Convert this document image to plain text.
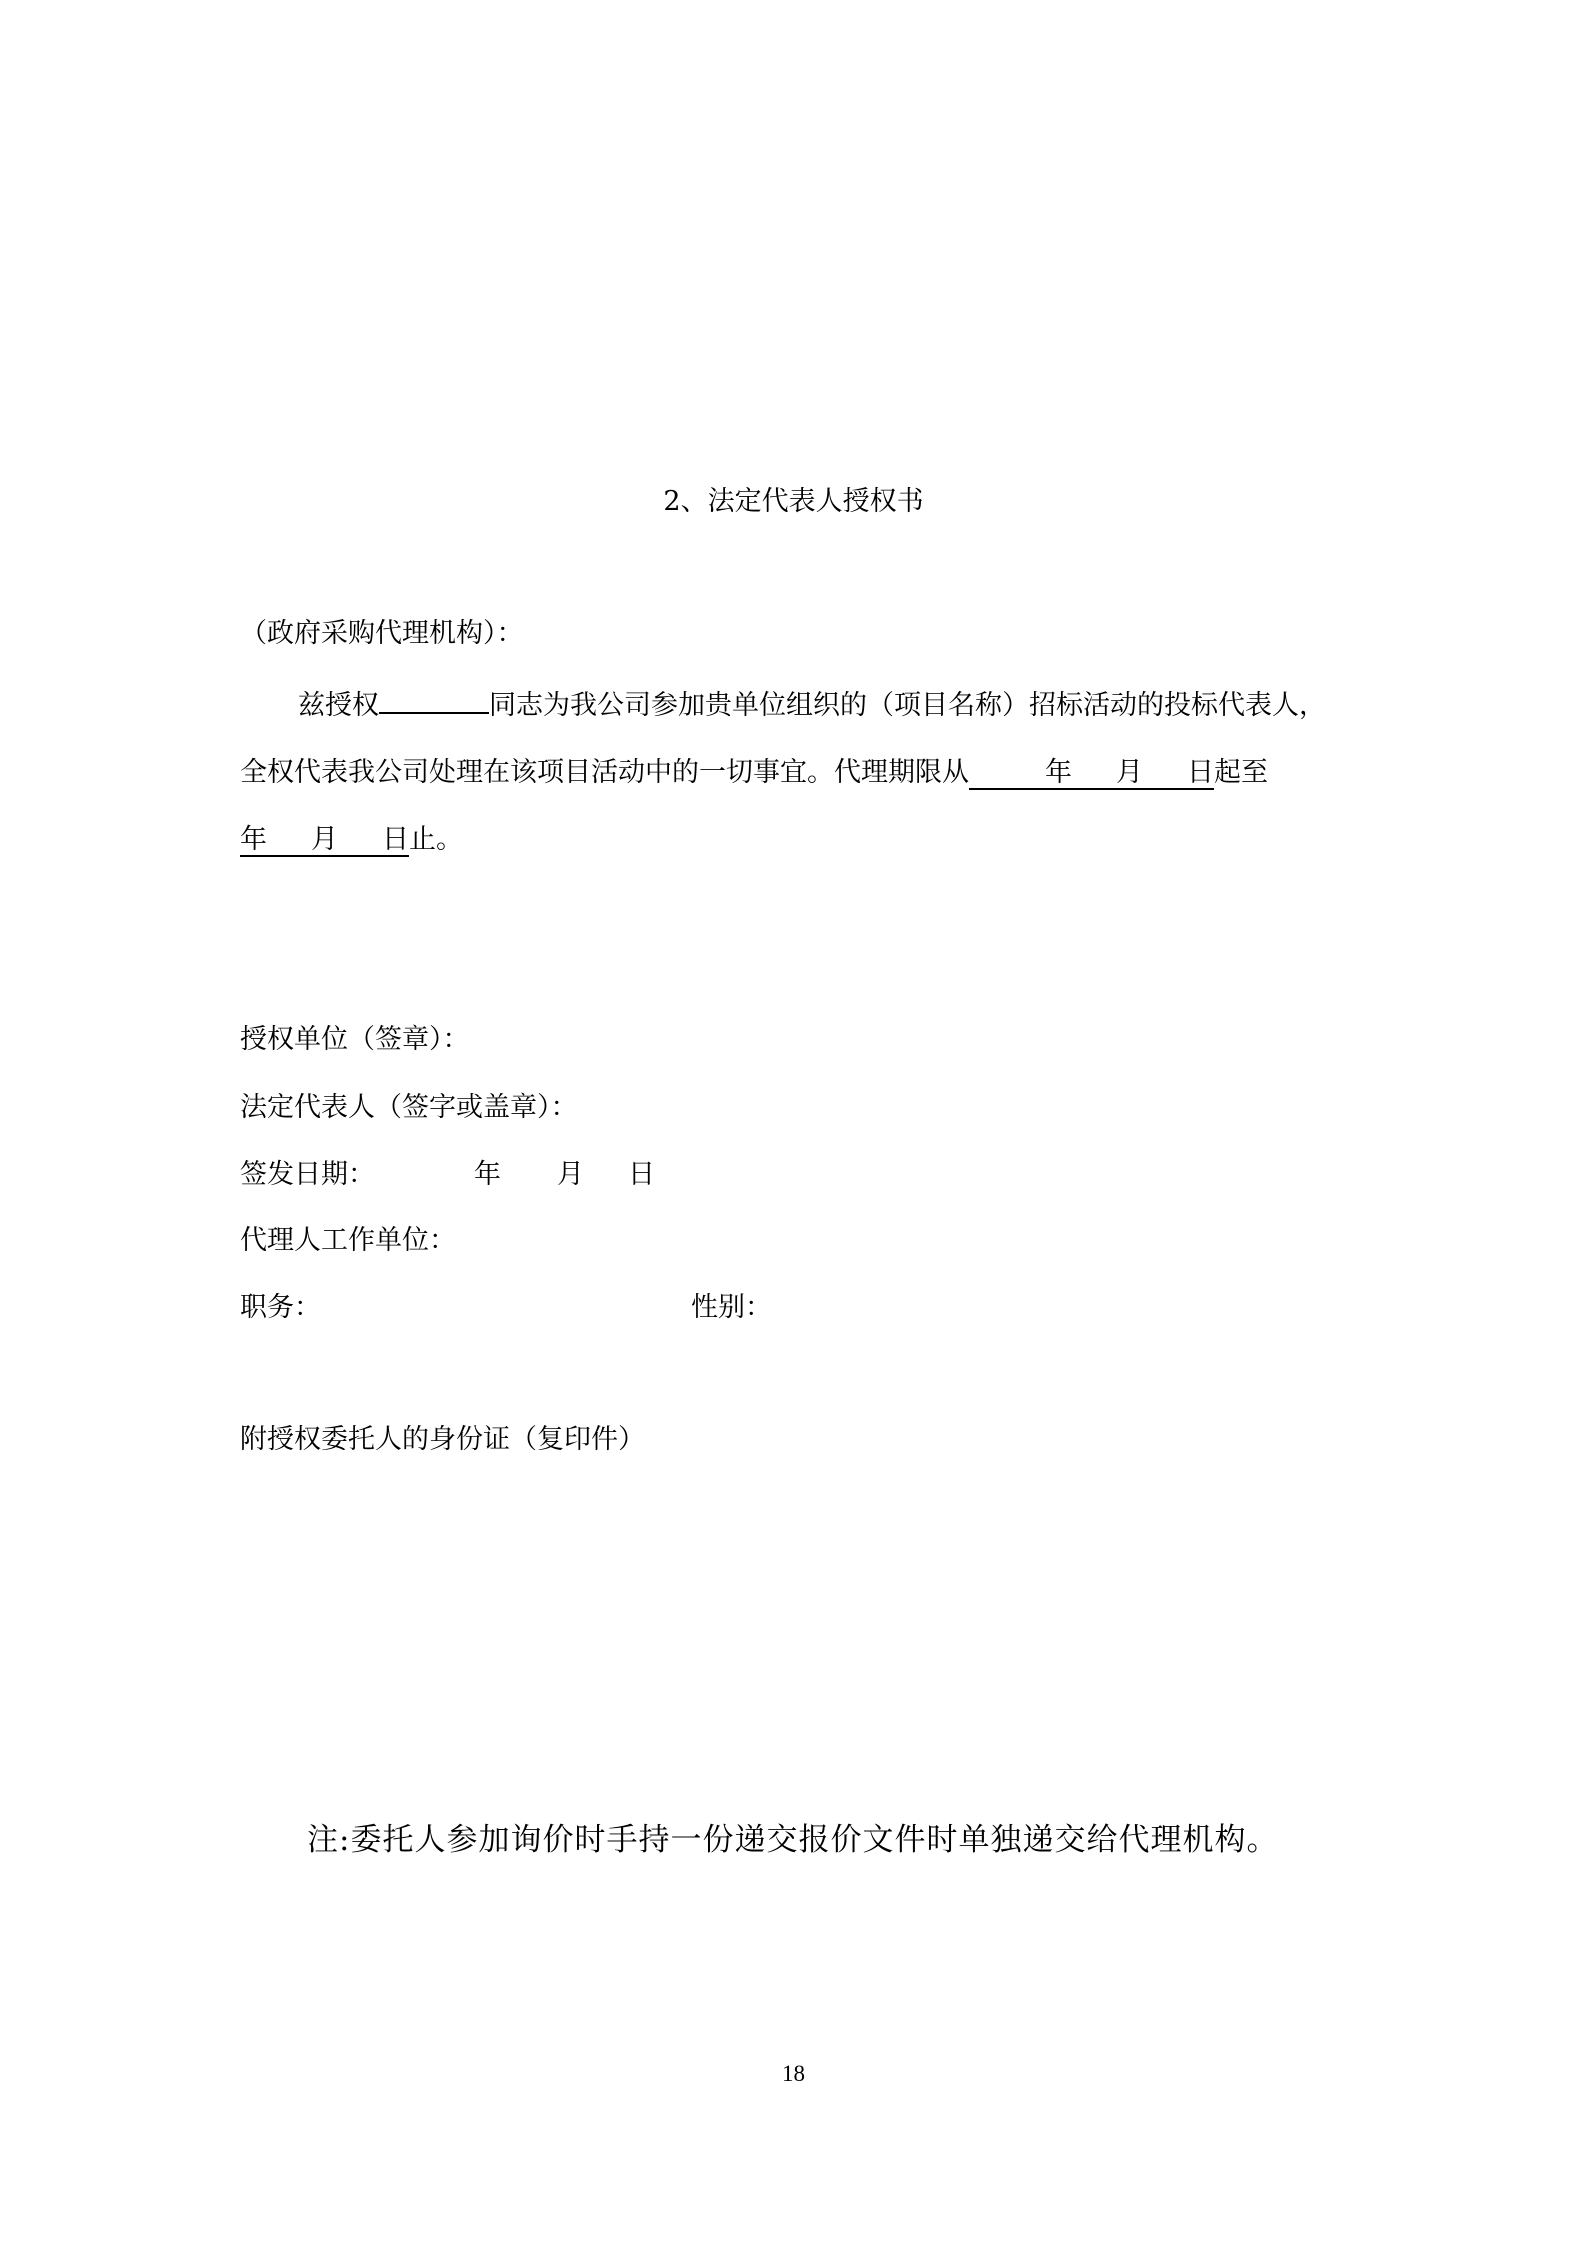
2、法定代表人授权书
（政府采购代理机构）：
兹授权	同志为我公司参加贵单位组织的（项目名称）招标活动的投标代表人，
全权代表我公司处理在该项目活动中的一切事宜。代理期限从	年 月 日起至
年 月 日止。
授权单位（签章）：
法定代表人（签字或盖章）：
签发日期：	年 月 日
代理人工作单位：
职务：	性别：
附授权委托人的身份证（复印件）
注:委托人参加询价时手持一份递交报价文件时单独递交给代理机构。
18
